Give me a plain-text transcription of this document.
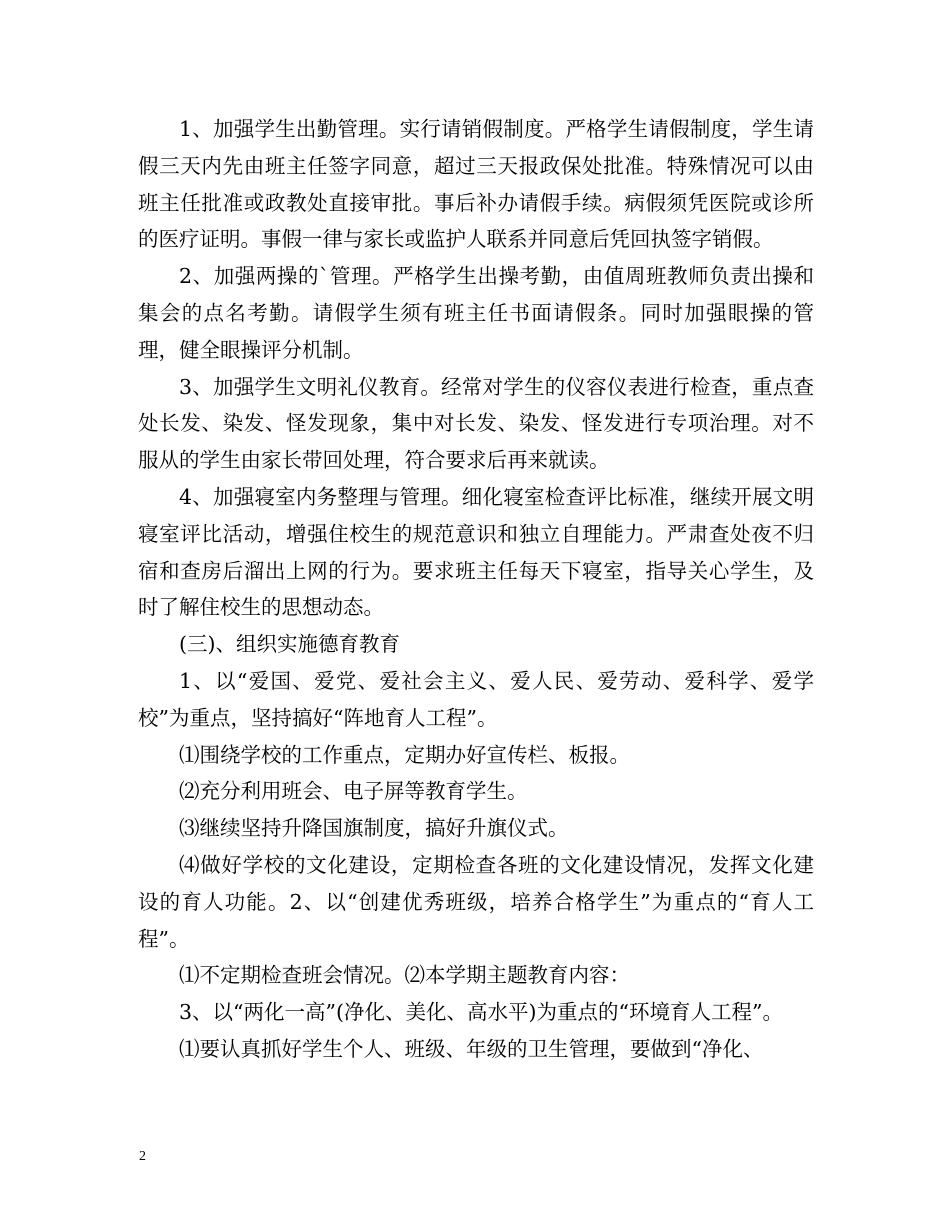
1、加强学生出勤管理。实行请销假制度。严格学生请假制度，学生请假三天内先由班主任签字同意，超过三天报政保处批准。特殊情况可以由班主任批准或政教处直接审批。事后补办请假手续。病假须凭医院或诊所的医疗证明。事假一律与家长或监护人联系并同意后凭回执签字销假。

2、加强两操的`管理。严格学生出操考勤，由值周班教师负责出操和集会的点名考勤。请假学生须有班主任书面请假条。同时加强眼操的管理，健全眼操评分机制。

3、加强学生文明礼仪教育。经常对学生的仪容仪表进行检查，重点查处长发、染发、怪发现象，集中对长发、染发、怪发进行专项治理。对不服从的学生由家长带回处理，符合要求后再来就读。

4、加强寝室内务整理与管理。细化寝室检查评比标准，继续开展文明寝室评比活动，增强住校生的规范意识和独立自理能力。严肃查处夜不归宿和查房后溜出上网的行为。要求班主任每天下寝室，指导关心学生，及时了解住校生的思想动态。

(三)、组织实施德育教育

1、以“爱国、爱党、爱社会主义、爱人民、爱劳动、爱科学、爱学校”为重点，坚持搞好“阵地育人工程”。

⑴围绕学校的工作重点，定期办好宣传栏、板报。

⑵充分利用班会、电子屏等教育学生。

⑶继续坚持升降国旗制度，搞好升旗仪式。

⑷做好学校的文化建设，定期检查各班的文化建设情况，发挥文化建设的育人功能。2、以“创建优秀班级，培养合格学生”为重点的“育人工程”。

⑴不定期检查班会情况。⑵本学期主题教育内容：

3、以“两化一高”(净化、美化、高水平)为重点的“环境育人工程”。

⑴要认真抓好学生个人、班级、年级的卫生管理，要做到“净化、

2
